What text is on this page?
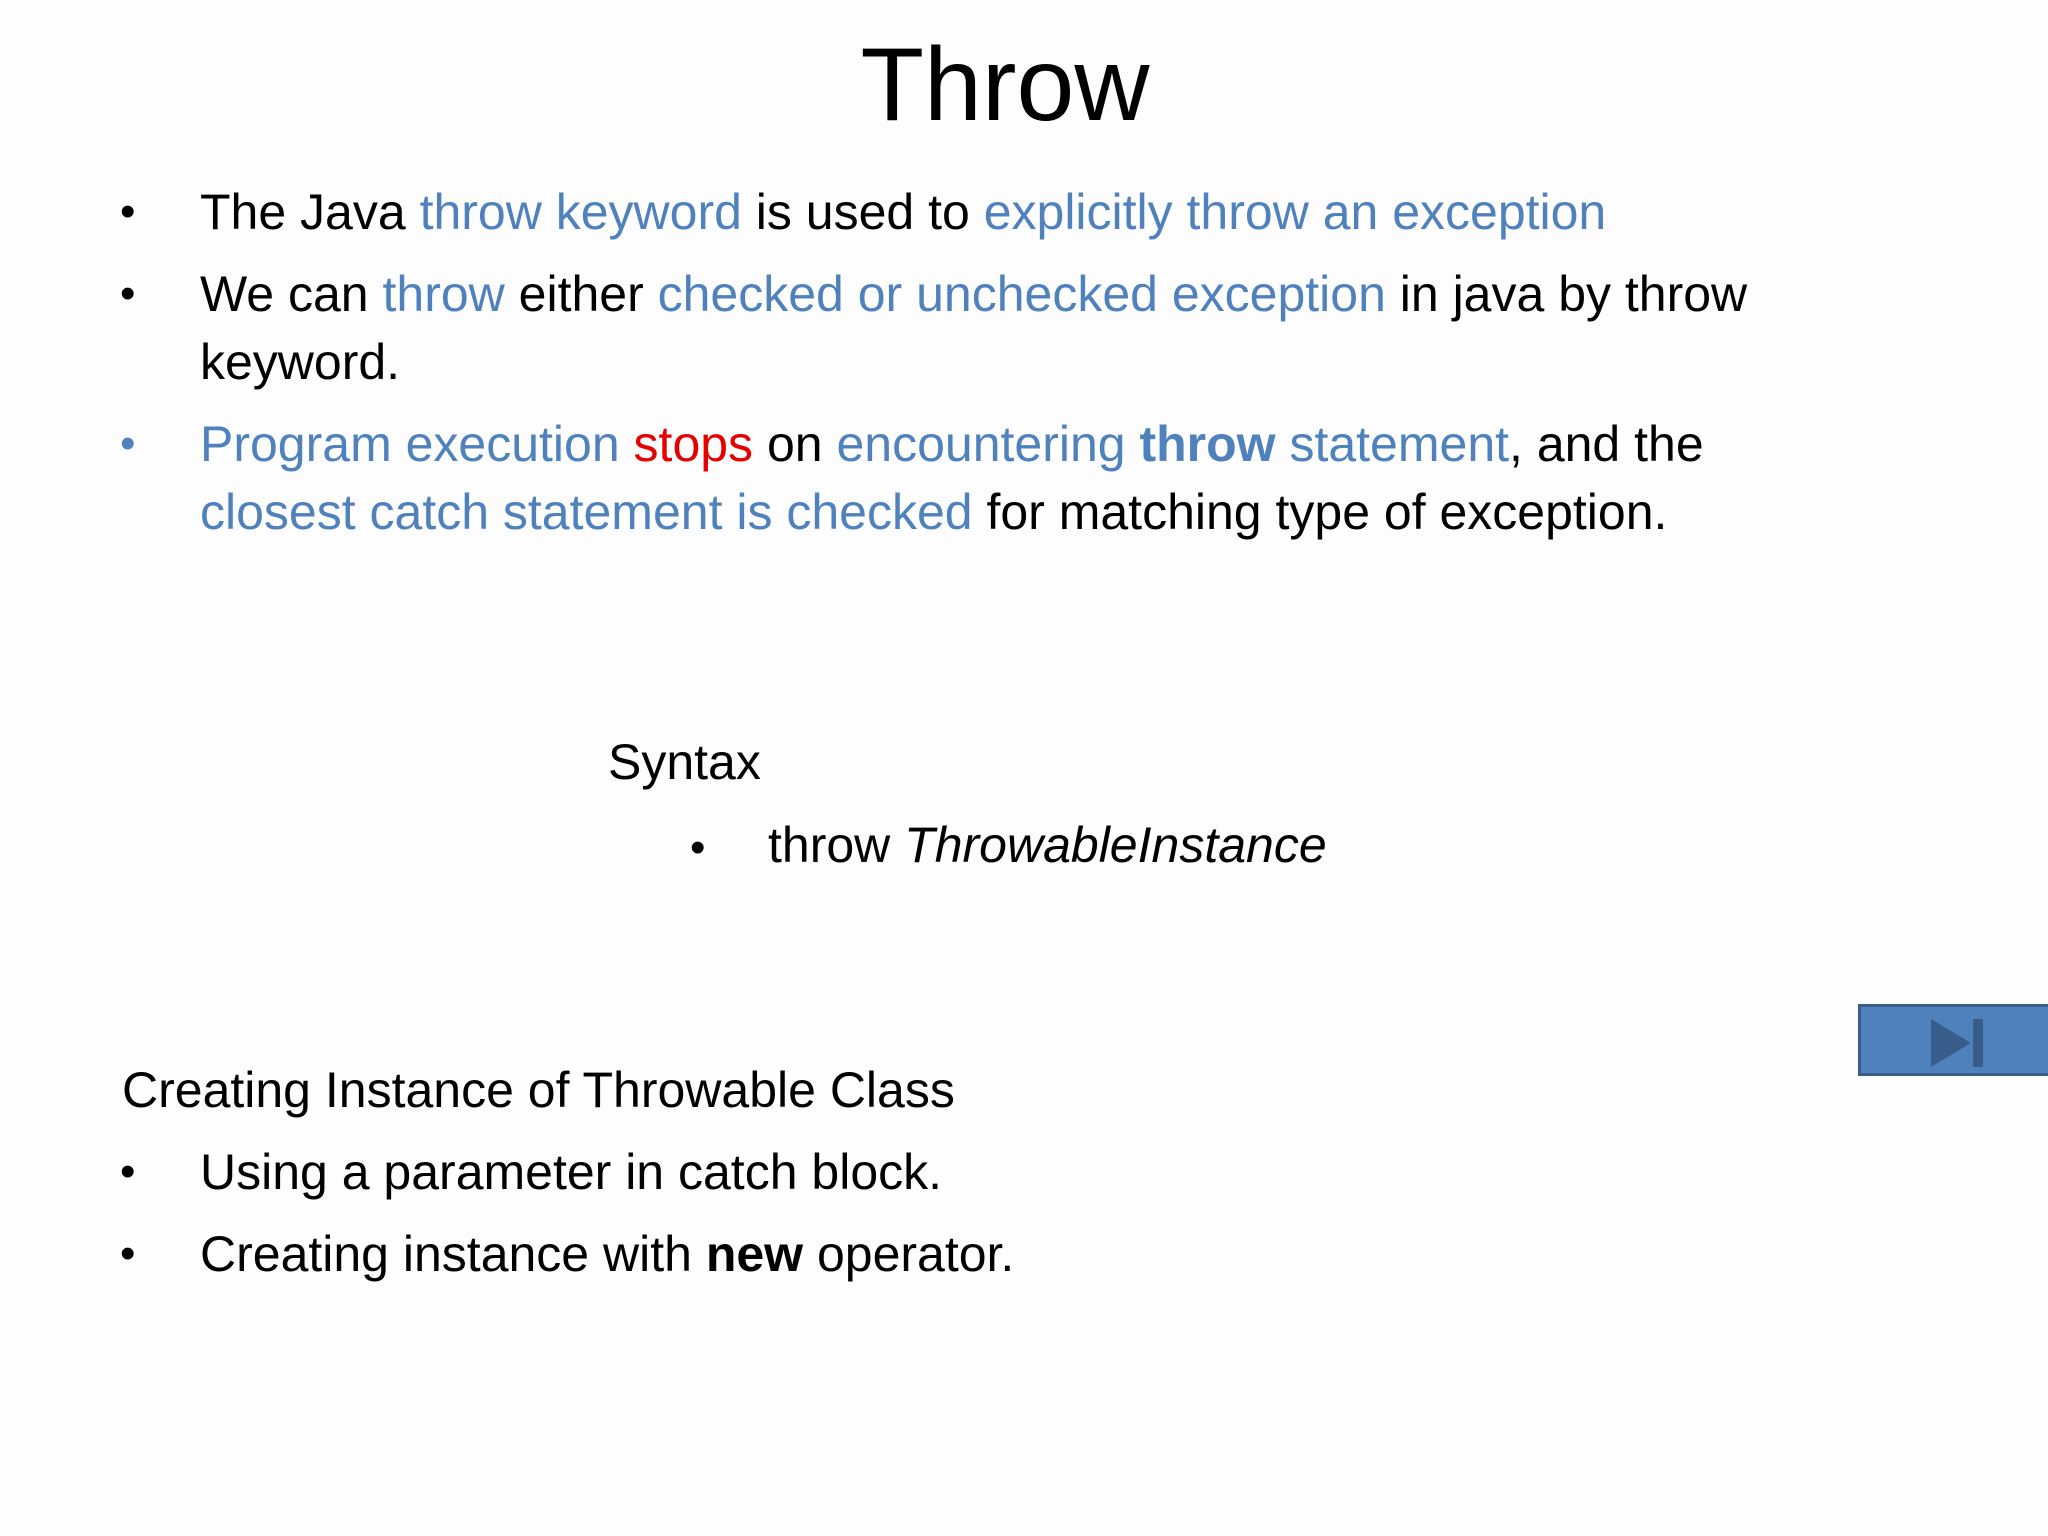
Throw
• The Java throw keyword is used to explicitly throw an exception
• We can throw either checked or unchecked exception in java by throw keyword.
• Program execution stops on encountering throw statement, and the closest catch statement is checked for matching type of exception.
Syntax
• throw ThrowableInstance
Creating Instance of Throwable Class
• Using a parameter in catch block.
• Creating instance with new operator.
